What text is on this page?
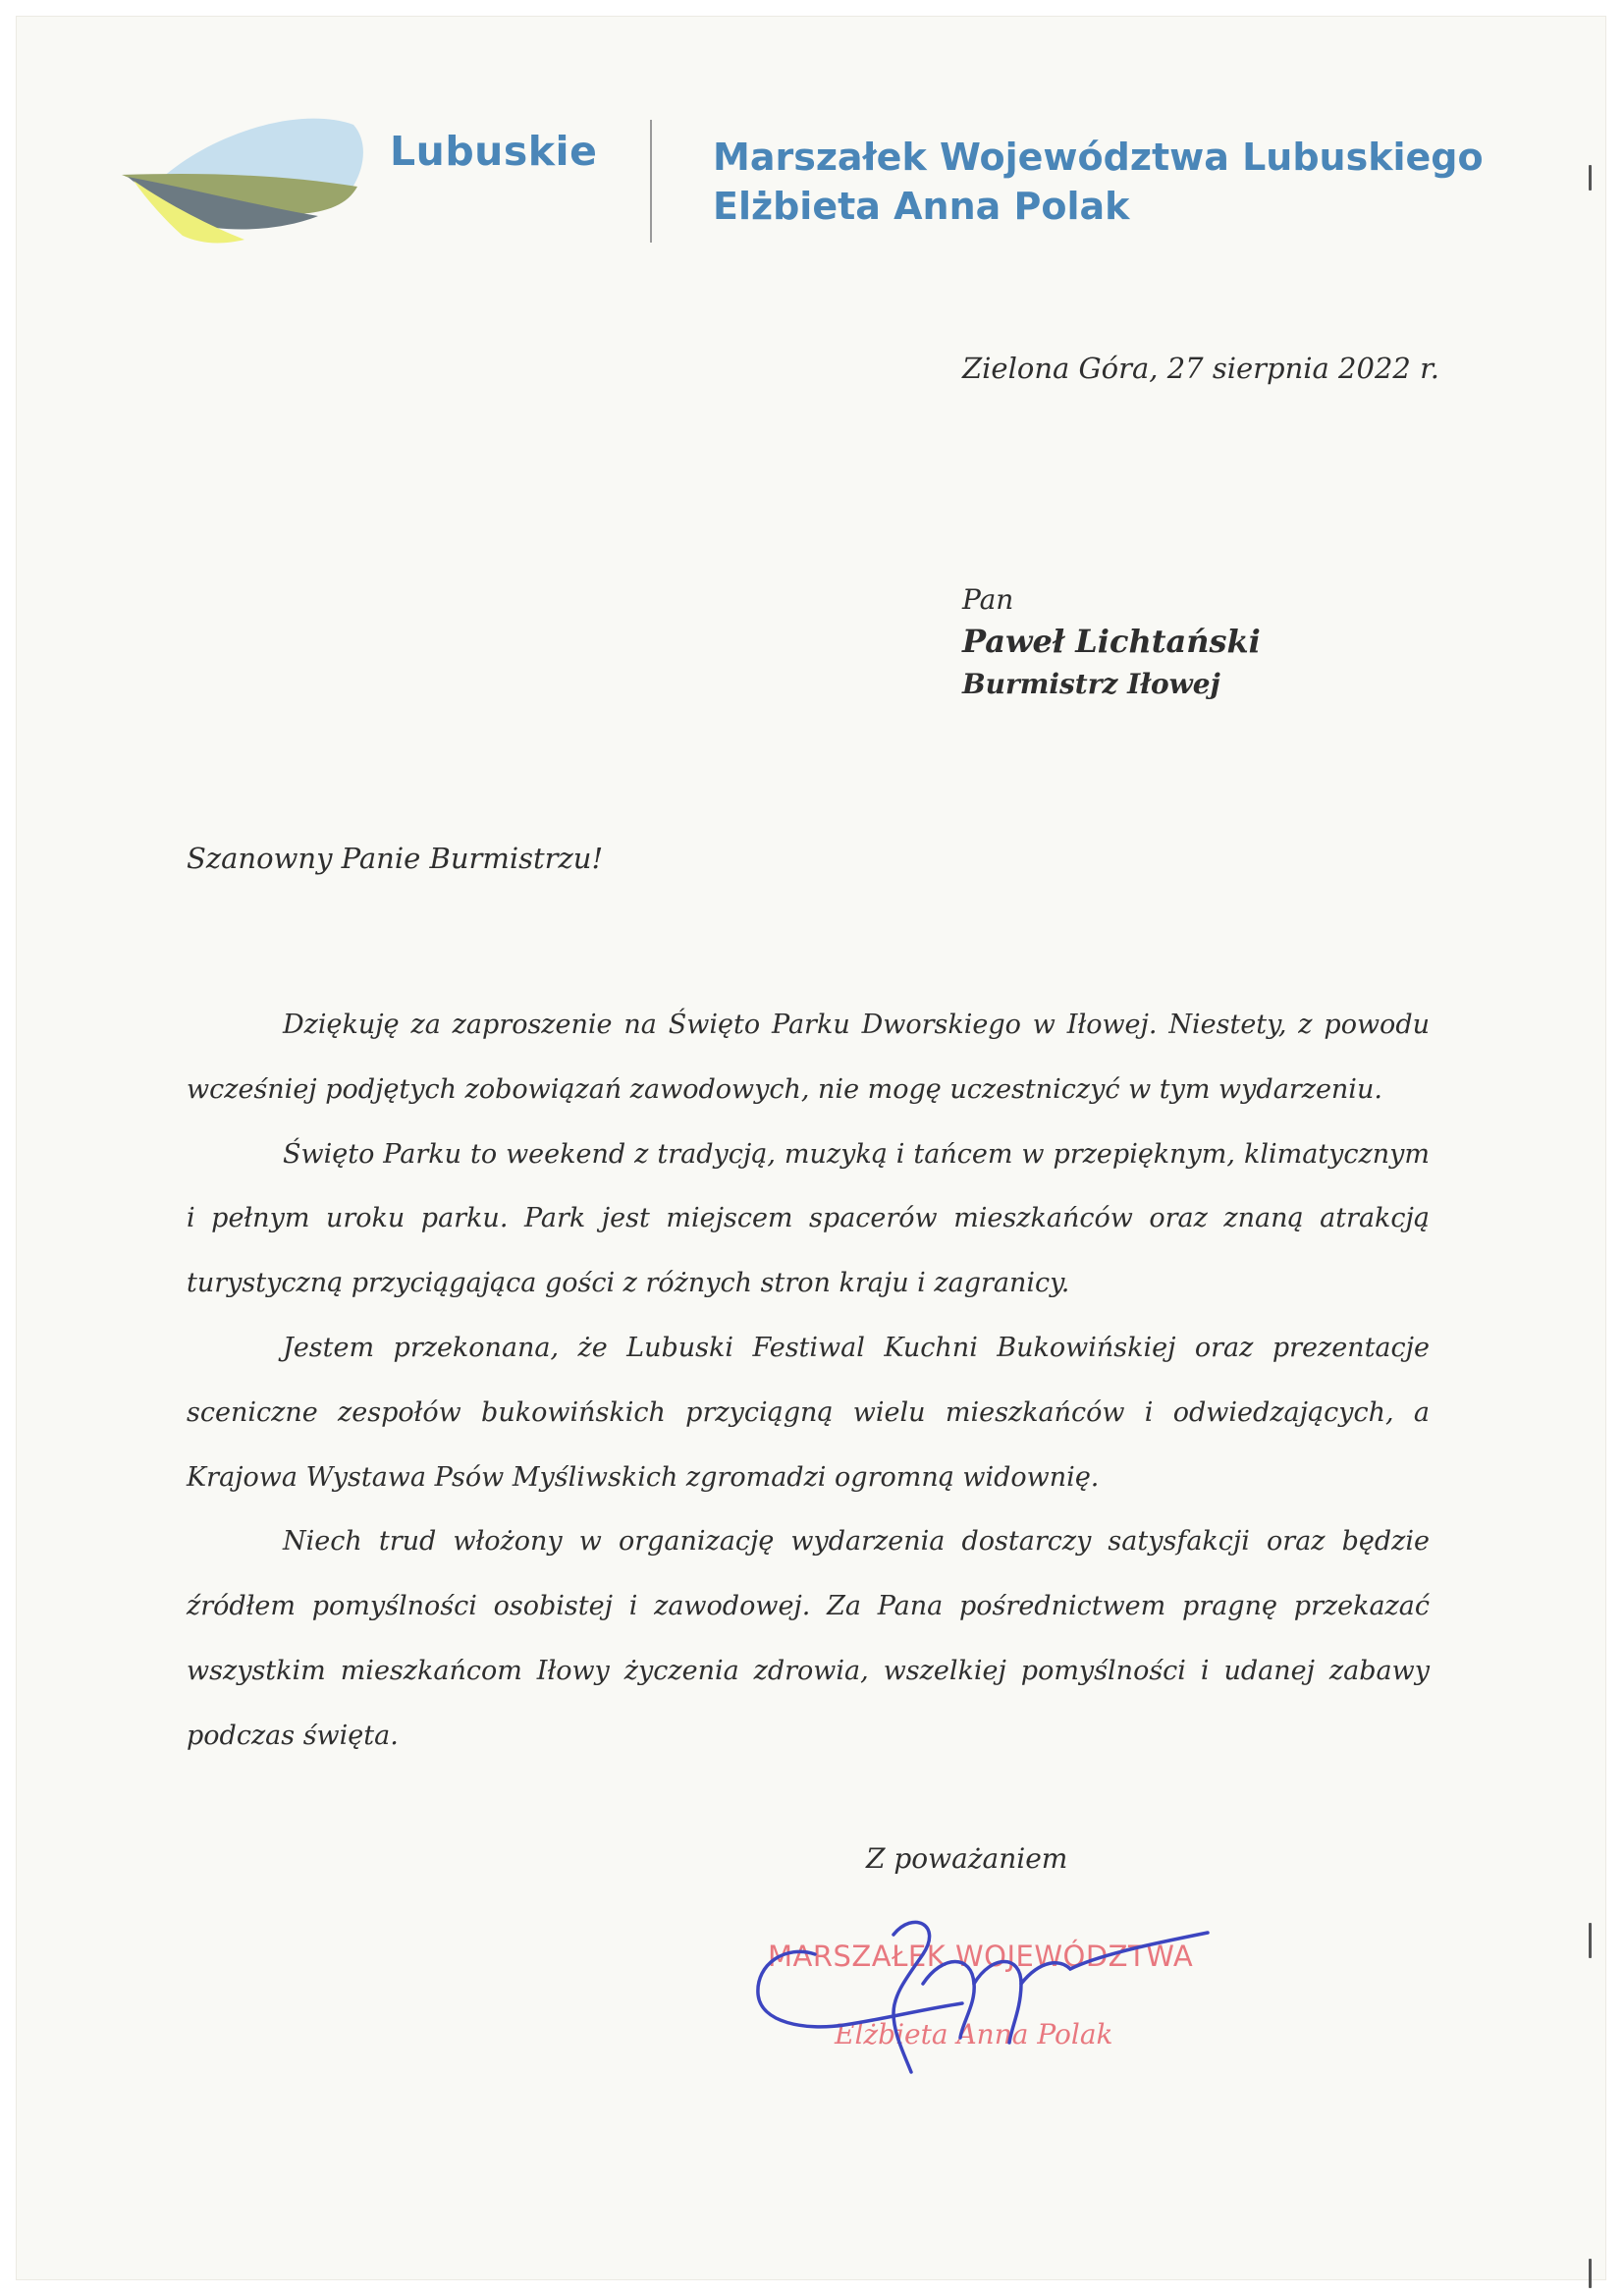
Lubuskie	Marszałek Województwa Lubuskiego
Elżbieta Anna Polak
Zielona Góra, 27 sierpnia 2022 r.
Pan
Paweł Lichtański
Burmistrz Iłowej
Szanowny Panie Burmistrzu!

Dziękuję za zaproszenie na Święto Parku Dworskiego w Iłowej. Niestety, z powodu wcześniej podjętych zobowiązań zawodowych, nie mogę uczestniczyć w tym wydarzeniu.

Święto Parku to weekend z tradycją, muzyką i tańcem w przepięknym, klimatycznym i pełnym uroku parku. Park jest miejscem spacerów mieszkańców oraz znaną atrakcją turystyczną przyciągająca gości z różnych stron kraju i zagranicy.

Jestem przekonana, że Lubuski Festiwal Kuchni Bukowińskiej oraz prezentacje sceniczne zespołów bukowińskich przyciągną wielu mieszkańców i odwiedzających, a Krajowa Wystawa Psów Myśliwskich zgromadzi ogromną widownię.

Niech trud włożony w organizację wydarzenia dostarczy satysfakcji oraz będzie źródłem pomyślności osobistej i zawodowej. Za Pana pośrednictwem pragnę przekazać wszystkim mieszkańcom Iłowy życzenia zdrowia, wszelkiej pomyślności i udanej zabawy podczas święta.

Z poważaniem
MARSZAŁEK WOJEWÓDZTWA
Elżbieta Anna Polak
